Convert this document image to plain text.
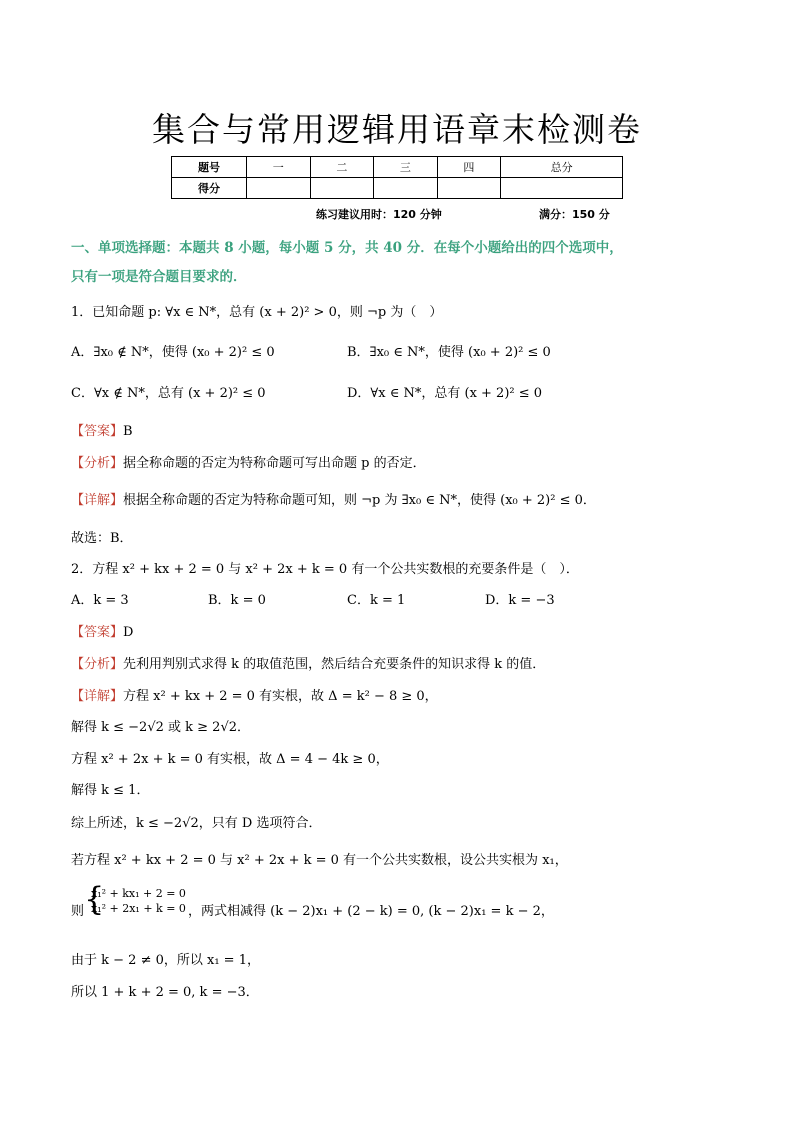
集合与常用逻辑用语章末检测卷
题号	一	二	三	四	总分
得分					
练习建议用时：120 分钟	满分：150 分
一、单项选择题：本题共 8 小题，每小题 5 分，共 40 分．在每个小题给出的四个选项中，
只有一项是符合题目要求的．
1．已知命题 p: ∀x ∈ N*，总有 (x + 2)² > 0，则 ¬p 为（　）
A．∃x₀ ∉ N*，使得 (x₀ + 2)² ≤ 0	B．∃x₀ ∈ N*，使得 (x₀ + 2)² ≤ 0
C．∀x ∉ N*，总有 (x + 2)² ≤ 0	D．∀x ∈ N*，总有 (x + 2)² ≤ 0
【答案】B
【分析】据全称命题的否定为特称命题可写出命题 p 的否定．
【详解】根据全称命题的否定为特称命题可知，则 ¬p 为 ∃x₀ ∈ N*，使得 (x₀ + 2)² ≤ 0．
故选：B．
2．方程 x² + kx + 2 = 0 与 x² + 2x + k = 0 有一个公共实数根的充要条件是（　）．
A．k = 3	B．k = 0	C．k = 1	D．k = −3
【答案】D
【分析】先利用判别式求得 k 的取值范围，然后结合充要条件的知识求得 k 的值．
【详解】方程 x² + kx + 2 = 0 有实根，故 Δ = k² − 8 ≥ 0，
解得 k ≤ −2√2 或 k ≥ 2√2．
方程 x² + 2x + k = 0 有实根，故 Δ = 4 − 4k ≥ 0，
解得 k ≤ 1．
综上所述，k ≤ −2√2，只有 D 选项符合．
若方程 x² + kx + 2 = 0 与 x² + 2x + k = 0 有一个公共实数根，设公共实根为 x₁，
则 {
x₁² + kx₁ + 2 = 0
x₁² + 2x₁ + k = 0 ，两式相减得 (k − 2)x₁ + (2 − k) = 0, (k − 2)x₁ = k − 2，
由于 k − 2 ≠ 0，所以 x₁ = 1，
所以 1 + k + 2 = 0, k = −3．
